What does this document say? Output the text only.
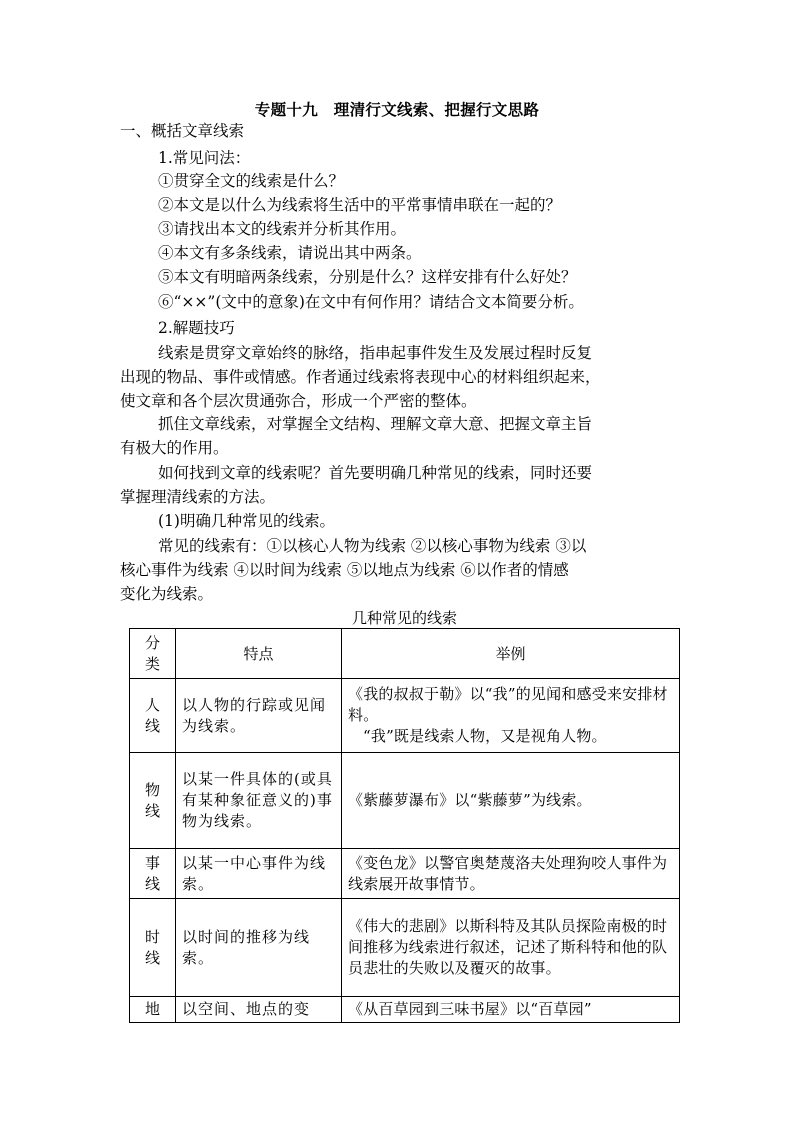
专题十九　理清行文线索、把握行文思路
一、概括文章线索
1.常见问法：
①贯穿全文的线索是什么？
②本文是以什么为线索将生活中的平常事情串联在一起的？
③请找出本文的线索并分析其作用。
④本文有多条线索，请说出其中两条。
⑤本文有明暗两条线索，分别是什么？这样安排有什么好处？
⑥“××”(文中的意象)在文中有何作用？请结合文本简要分析。
2.解题技巧
线索是贯穿文章始终的脉络，指串起事件发生及发展过程时反复
出现的物品、事件或情感。作者通过线索将表现中心的材料组织起来，
使文章和各个层次贯通弥合，形成一个严密的整体。
抓住文章线索，对掌握全文结构、理解文章大意、把握文章主旨
有极大的作用。
如何找到文章的线索呢？首先要明确几种常见的线索，同时还要
掌握理清线索的方法。
(1)明确几种常见的线索。
常见的线索有：①以核心人物为线索 ②以核心事物为线索 ③以
核心事件为线索 ④以时间为线索 ⑤以地点为线索 ⑥以作者的情感
变化为线索。
几种常见的线索
分
类	特点	举例

人
线	以人物的行踪或见闻为线索。	《我的叔叔于勒》以“我”的见闻和感受来安排材料。
“我”既是线索人物，又是视角人物。

物
线	以某一件具体的(或具有某种象征意义的)事物为线索。	《紫藤萝瀑布》以“紫藤萝”为线索。

事
线	以某一中心事件为线索。	《变色龙》以警官奥楚蔑洛夫处理狗咬人事件为线索展开故事情节。

时
线	以时间的推移为线索。	《伟大的悲剧》以斯科特及其队员探险南极的时间推移为线索进行叙述，记述了斯科特和他的队员悲壮的失败以及覆灭的故事。

地	以空间、地点的变	《从百草园到三味书屋》以“百草园”
